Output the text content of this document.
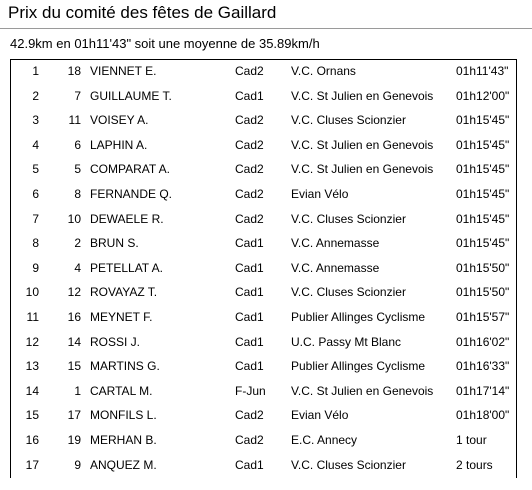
Prix du comité des fêtes de Gaillard
42.9km en 01h11'43" soit une moyenne de 35.89km/h
1	18 VIENNET E.	Cad2 V.C. Ornans	01h11'43"
2	7 GUILLAUME T.	Cad1 V.C. St Julien en Genevois 01h12'00"
3	11 VOISEY A.	Cad2 V.C. Cluses Scionzier	01h15'45"
4	6 LAPHIN A.	Cad2 V.C. St Julien en Genevois 01h15'45"
5	5 COMPARAT A.	Cad2 V.C. St Julien en Genevois 01h15'45"
6	8 FERNANDE Q.	Cad2 Evian Vélo	01h15'45"
7	10 DEWAELE R.	Cad2 V.C. Cluses Scionzier	01h15'45"
8	2 BRUN S.	Cad1 V.C. Annemasse	01h15'45"
9	4 PETELLAT A.	Cad1 V.C. Annemasse	01h15'50"
10	12 ROVAYAZ T.	Cad1 V.C. Cluses Scionzier	01h15'50"
11	16 MEYNET F.	Cad1 Publier Allinges Cyclisme	01h15'57"
12	14 ROSSI J.	Cad1 U.C. Passy Mt Blanc	01h16'02"
13	15 MARTINS G.	Cad1 Publier Allinges Cyclisme	01h16'33"
14	1 CARTAL M.	F-Jun V.C. St Julien en Genevois 01h17'14"
15	17 MONFILS L.	Cad2 Evian Vélo	01h18'00"
16	19 MERHAN B.	Cad2 E.C. Annecy	1 tour
17	9 ANQUEZ M.	Cad1 V.C. Cluses Scionzier	2 tours
